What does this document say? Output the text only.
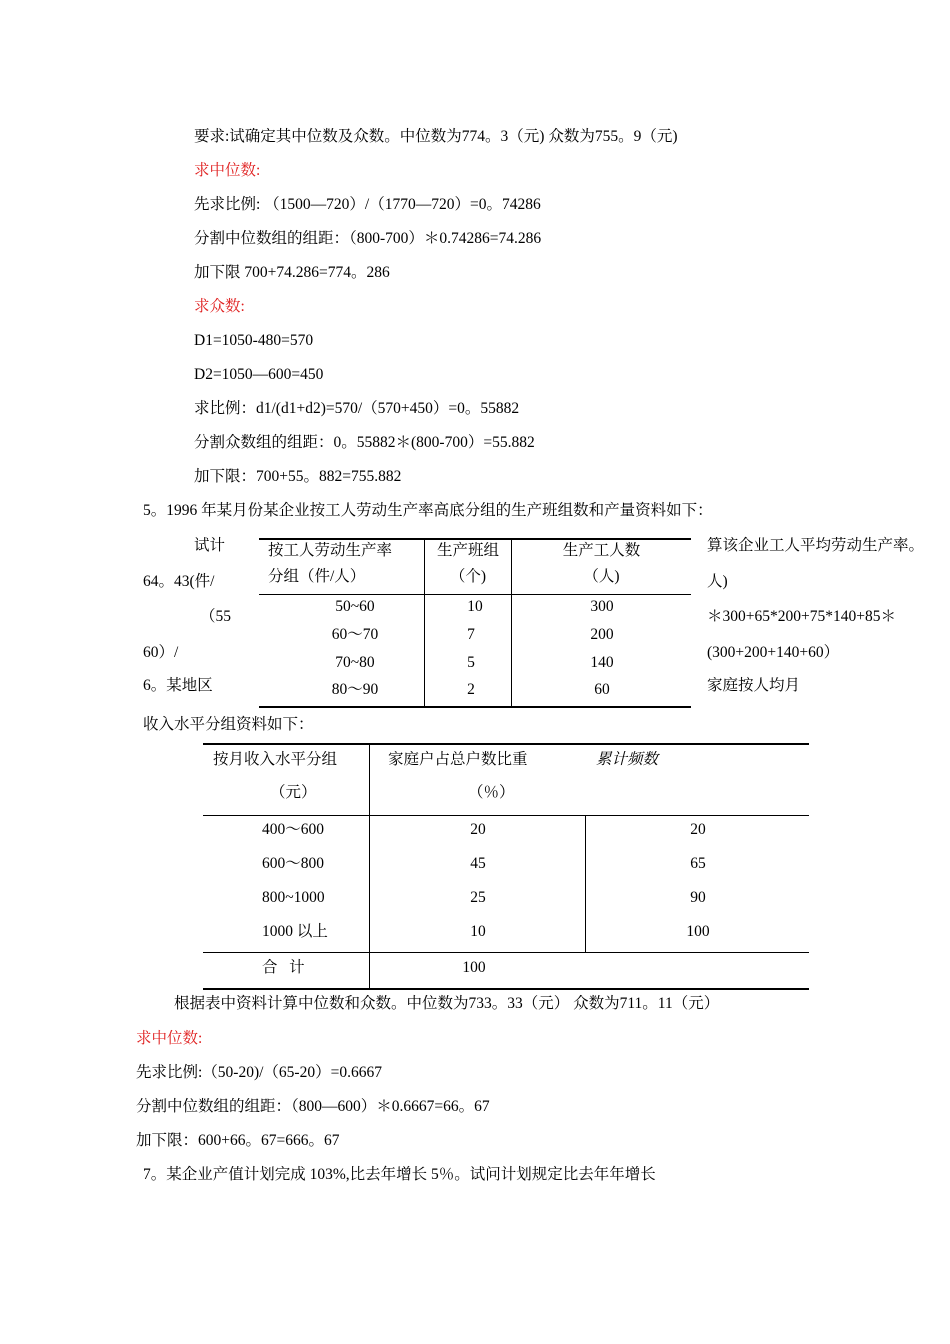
要求:试确定其中位数及众数。中位数为774。3（元) 众数为755。9（元)
求中位数:
先求比例: （1500—720）/（1770—720）=0。74286
分割中位数组的组距：（800-700）＊0.74286=74.286
加下限 700+74.286=774。286
求众数:
D1=1050-480=570
D2=1050—600=450
求比例：d1/(d1+d2)=570/（570+450）=0。55882
分割众数组的组距：0。55882＊(800-700）=55.882
加下限：700+55。882=755.882
5。1996 年某月份某企业按工人劳动生产率高底分组的生产班组数和产量资料如下：
试计
64。43(件/
（55
60）/
6。某地区
算该企业工人平均劳动生产率。
人)
＊300+65*200+75*140+85＊
(300+200+140+60）
家庭按人均月
按工人劳动生产率
分组（件/人）
生产班组
（个)
生产工人数
（人)
50~60	10	300
60～70	7	200
70~80	5	140
80～90	2	60
收入水平分组资料如下：
按月收入水平分组
（元）
家庭户占总户数比重
（％）
累计频数
400～600	20	20
600～800	45	65
800~1000	25	90
1000 以上	10	100
合   计	100
根据表中资料计算中位数和众数。中位数为733。33（元） 众数为711。11（元）
求中位数:
先求比例:（50-20)/（65-20）=0.6667
分割中位数组的组距：（800—600）＊0.6667=66。67
加下限：600+66。67=666。67
7。某企业产值计划完成 103%,比去年增长 5％。试问计划规定比去年年增长
